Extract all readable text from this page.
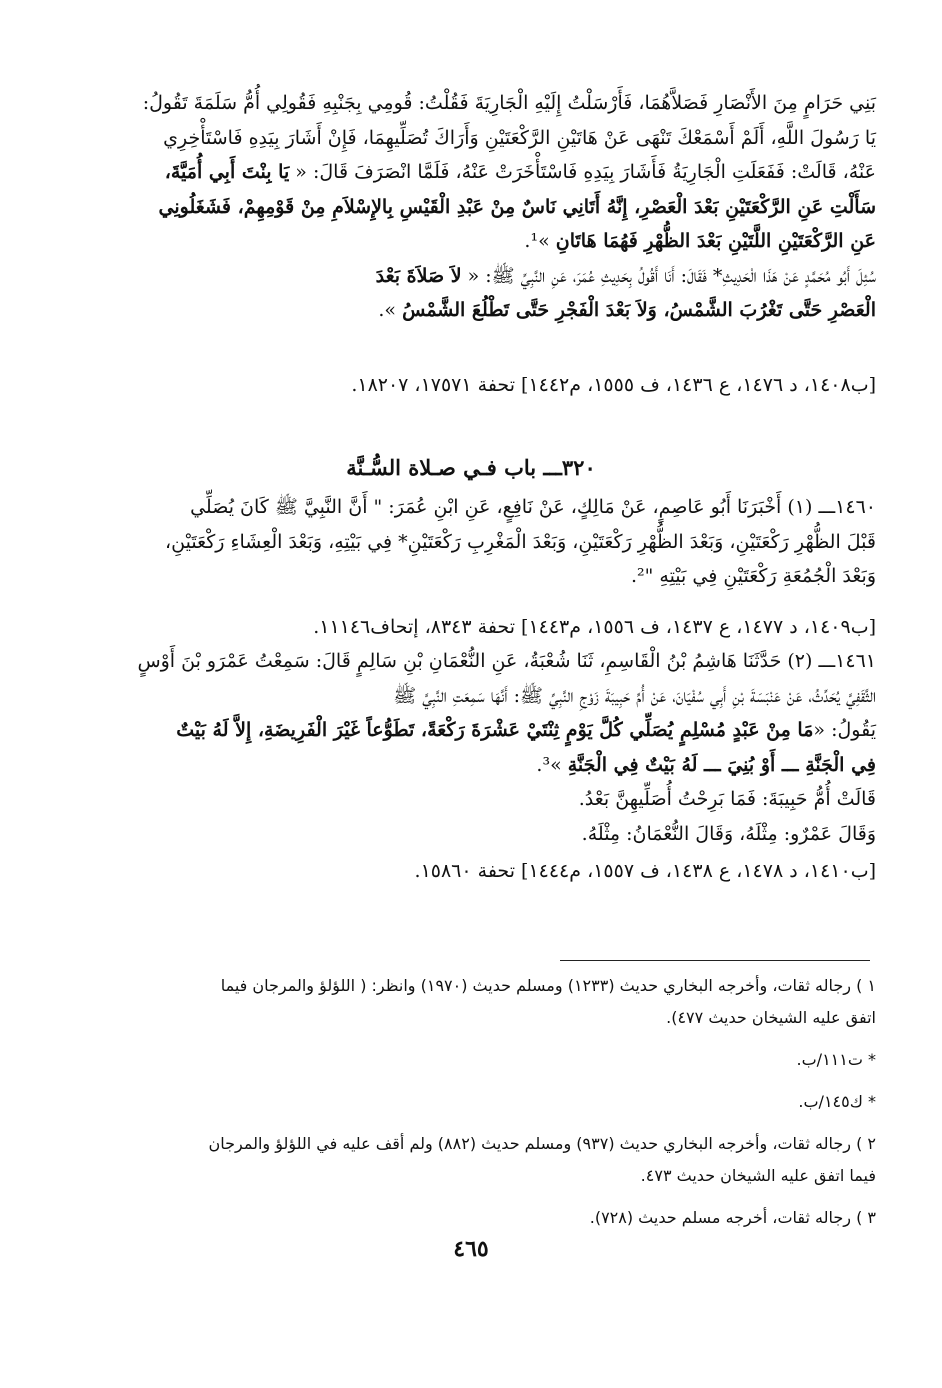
بَنِي حَرَامٍ مِنَ الأَنْصَارِ فَصَلاَّهُمَا، فَأَرْسَلْتُ إِلَيْهِ الْجَارِيَةَ فَقُلْتُ: قُومِي بِجَنْبِهِ فَقُولِي أُمُّ سَلَمَةَ تَقُولُ:

يَا رَسُولَ اللَّهِ، أَلَمْ أَسْمَعْكَ تَنْهَى عَنْ هَاتَيْنِ الرَّكْعَتَيْنِ وَأَرَاكَ تُصَلِّيهِمَا، فَإِنْ أَشَارَ بِيَدِهِ فَاسْتَأْخِرِي

عَنْهُ، قَالَتْ: فَفَعَلَتِ الْجَارِيَةُ فَأَشَارَ بِيَدِهِ فَاسْتَأْخَرَتْ عَنْهُ، فَلَمَّا انْصَرَفَ قَالَ: « يَا بِنْتَ أَبِي أُمَيَّةَ،

سَأَلْتِ عَنِ الرَّكْعَتَيْنِ بَعْدَ الْعَصْرِ، إِنَّهُ أَتَانِي نَاسٌ مِنْ عَبْدِ الْقَيْسِ بِالإِسْلاَمِ مِنْ قَوْمِهِمْ، فَشَغَلُونِي

عَنِ الرَّكْعَتَيْنِ اللَّتَيْنِ بَعْدَ الظُّهْرِ فَهُمَا هَاتَانِ »¹.

سُئِلَ أَبُو مُحَمَّدٍ عَنْ هَذَا الْحَدِيثِ* فَقَالَ: أَنَا أَقُولُ بِحَدِيثِ عُمَرَ، عَنِ النَّبِيِّ ﷺ: « لاَ صَلاَةَ بَعْدَ

الْعَصْرِ حَتَّى تَغْرُبَ الشَّمْسُ، وَلاَ بَعْدَ الْفَجْرِ حَتَّى تَطْلُعَ الشَّمْسُ ».

[ب١٤٠٨، د ١٤٧٦، ع ١٤٣٦، ف ١٥٥٥، م١٤٤٢] تحفة ١٧٥٧١، ١٨٢٠٧.
٣٢٠ـــ باب فـي صـلاة السُّـنَّة

١٤٦٠ـــ (١) أَخْبَرَنَا أَبُو عَاصِمٍ، عَنْ مَالِكٍ، عَنْ نَافِعٍ، عَنِ ابْنِ عُمَرَ: " أَنَّ النَّبِيَّ ﷺ كَانَ يُصَلِّي

قَبْلَ الظُّهْرِ رَكْعَتَيْنِ، وَبَعْدَ الظُّهْرِ رَكْعَتَيْنِ، وَبَعْدَ الْمَغْرِبِ رَكْعَتَيْنِ* فِي بَيْتِهِ، وَبَعْدَ الْعِشَاءِ رَكْعَتَيْنِ،

وَبَعْدَ الْجُمُعَةِ رَكْعَتَيْنِ فِي بَيْتِهِ "².

[ب١٤٠٩، د ١٤٧٧، ع ١٤٣٧، ف ١٥٥٦، م١٤٤٣] تحفة ٨٣٤٣، إتحاف١١١٤٦.

١٤٦١ـــ (٢) حَدَّثَنَا هَاشِمُ بْنُ الْقَاسِمِ، ثَنَا شُعْبَةُ، عَنِ النُّعْمَانِ بْنِ سَالِمٍ قَالَ: سَمِعْتُ عَمْرَو بْنَ أَوْسٍ

الثَّقَفِيَّ يُحَدِّثُ، عَنْ عَنْبَسَةَ بْنِ أَبِي سُفْيَانَ، عَنْ أُمِّ حَبِيبَةَ زَوْجِ النَّبِيِّ ﷺ: أَنَّهَا سَمِعَتِ النَّبِيَّ ﷺ

يَقُولُ: «مَا مِنْ عَبْدٍ مُسْلِمٍ يُصَلِّي كُلَّ يَوْمٍ ثِنْتَيْ عَشْرَةَ رَكْعَةً، تَطَوُّعاً غَيْرَ الْفَرِيضَةِ، إِلاَّ لَهُ بَيْتٌ

فِي الْجَنَّةِ ـــ أَوْ بُنِيَ ـــ لَهُ بَيْتٌ فِي الْجَنَّةِ »³.

قَالَتْ أُمُّ حَبِيبَةَ: فَمَا بَرِحْتُ أُصَلِّيهِنَّ بَعْدُ.

وَقَالَ عَمْرٌو: مِثْلَهُ، وَقَالَ النُّعْمَانُ: مِثْلَهُ.

[ب١٤١٠، د ١٤٧٨، ع ١٤٣٨، ف ١٥٥٧، م١٤٤٤] تحفة ١٥٨٦٠.

١ ) رجاله ثقات، وأخرجه البخاري حديث (١٢٣٣) ومسلم حديث (١٩٧٠) وانظر: ( اللؤلؤ والمرجان فيما
اتفق عليه الشيخان حديث ٤٧٧).

* ت١١١/ب.

* ك١٤٥/ب.

٢ ) رجاله ثقات، وأخرجه البخاري حديث (٩٣٧) ومسلم حديث (٨٨٢) ولم أقف عليه في اللؤلؤ والمرجان
فيما اتفق عليه الشيخان حديث ٤٧٣.

٣ ) رجاله ثقات، أخرجه مسلم حديث (٧٢٨).

٤٦٥
